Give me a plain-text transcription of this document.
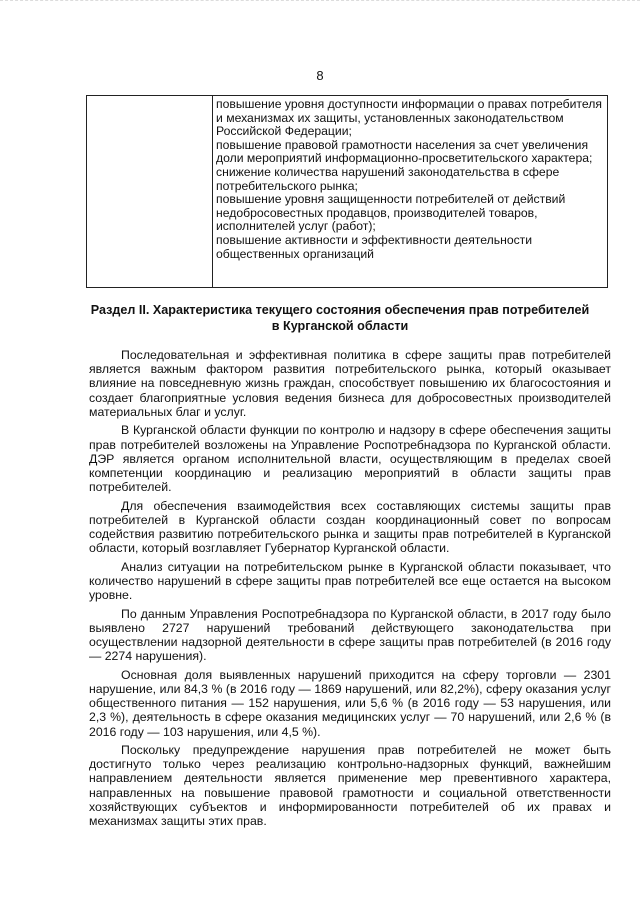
8

повышение уровня доступности информации о правах потребителя и механизмах их защиты, установленных законодательством Российской Федерации;

повышение правовой грамотности населения за счет увеличения доли мероприятий информационно-просветительского характера;

снижение количества нарушений законодательства в сфере потребительского рынка;

повышение уровня защищенности потребителей от действий недобросовестных продавцов, производителей товаров, исполнителей услуг (работ);

повышение активности и эффективности деятельности общественных организаций

Раздел II. Характеристика текущего состояния обеспечения прав потребителей
в Курганской области

Последовательная и эффективная политика в сфере защиты прав потребителей является важным фактором развития потребительского рынка, который оказывает влияние на повседневную жизнь граждан, способствует повышению их благосостояния и создает благоприятные условия ведения бизнеса для добросовестных производителей материальных благ и услуг.

В Курганской области функции по контролю и надзору в сфере обеспечения защиты прав потребителей возложены на Управление Роспотребнадзора по Курганской области. ДЭР является органом исполнительной власти, осуществляющим в пределах своей компетенции координацию и реализацию мероприятий в области защиты прав потребителей.

Для обеспечения взаимодействия всех составляющих системы защиты прав потребителей в Курганской области создан координационный совет по вопросам содействия развитию потребительского рынка и защиты прав потребителей в Курганской области, который возглавляет Губернатор Курганской области.

Анализ ситуации на потребительском рынке в Курганской области показывает, что количество нарушений в сфере защиты прав потребителей все еще остается на высоком уровне.

По данным Управления Роспотребнадзора по Курганской области, в 2017 году было выявлено 2727 нарушений требований действующего законодательства при осуществлении надзорной деятельности в сфере защиты прав потребителей (в 2016 году — 2274 нарушения).

Основная доля выявленных нарушений приходится на сферу торговли — 2301 нарушение, или 84,3 % (в 2016 году — 1869 нарушений, или 82,2%), сферу оказания услуг общественного питания — 152 нарушения, или 5,6 % (в 2016 году — 53 нарушения, или 2,3 %), деятельность в сфере оказания медицинских услуг — 70 нарушений, или 2,6 % (в 2016 году — 103 нарушения, или 4,5 %).

Поскольку предупреждение нарушения прав потребителей не может быть достигнуто только через реализацию контрольно-надзорных функций, важнейшим направлением деятельности является применение мер превентивного характера, направленных на повышение правовой грамотности и социальной ответственности хозяйствующих субъектов и информированности потребителей об их правах и механизмах защиты этих прав.
